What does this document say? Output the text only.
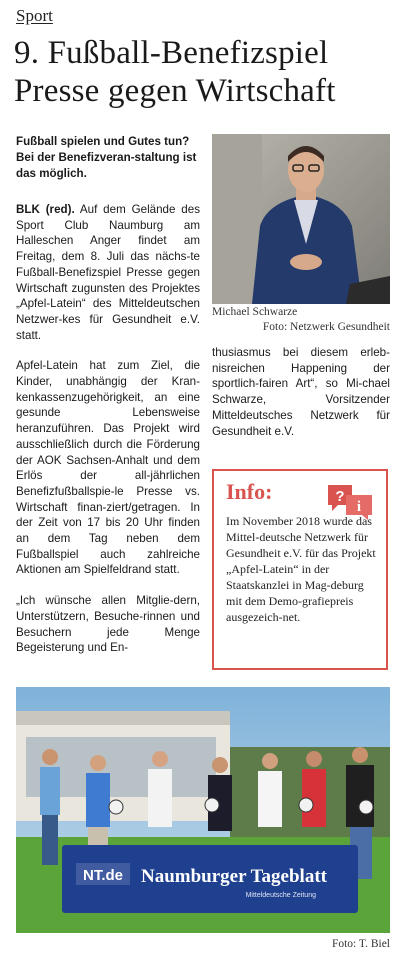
Sport
9. Fußball-Benefizspiel
Presse gegen Wirtschaft
Fußball spielen und Gutes tun? Bei der Benefizveran-staltung ist das möglich.

BLK (red). Auf dem Gelände des Sport Club Naumburg am Halleschen Anger findet am Freitag, dem 8. Juli das nächs-te Fußball-Benefizspiel Presse gegen Wirtschaft zugunsten des Projektes „Apfel-Latein“ des Mitteldeutschen Netzwer-kes für Gesundheit e.V. statt.

Apfel-Latein hat zum Ziel, die Kinder, unabhängig der Kran-kenkassenzugehörigkeit, an eine gesunde Lebensweise heranzuführen. Das Projekt wird ausschließlich durch die Förderung der AOK Sachsen-Anhalt und dem Erlös der all-jährlichen Benefizfußballspie-le Presse vs. Wirtschaft finan-ziert/getragen. In der Zeit von 17 bis 20 Uhr finden an dem Tag neben dem Fußballspiel auch zahlreiche Aktionen am Spielfeldrand statt.

„Ich wünsche allen Mitglie-dern, Unterstützern, Besuche-rinnen und Besuchern jede Menge Begeisterung und En-

Michael Schwarze
Foto: Netzwerk Gesundheit

thusiasmus bei diesem erleb-nisreichen Happening der sportlich-fairen Art“, so Mi-chael Schwarze, Vorsitzender Mitteldeutsches Netzwerk für Gesundheit e.V.

Info:	?
i
Im November 2018 wurde das Mittel-deutsche Netzwerk für Gesundheit e.V. für das Projekt „Apfel-Latein“ in der Staatskanzlei in Mag-deburg mit dem Demo-grafiepreis ausgezeich-net.
NT.de Naumburger Tageblatt
Mitteldeutsche Zeitung
Foto: T. Biel
